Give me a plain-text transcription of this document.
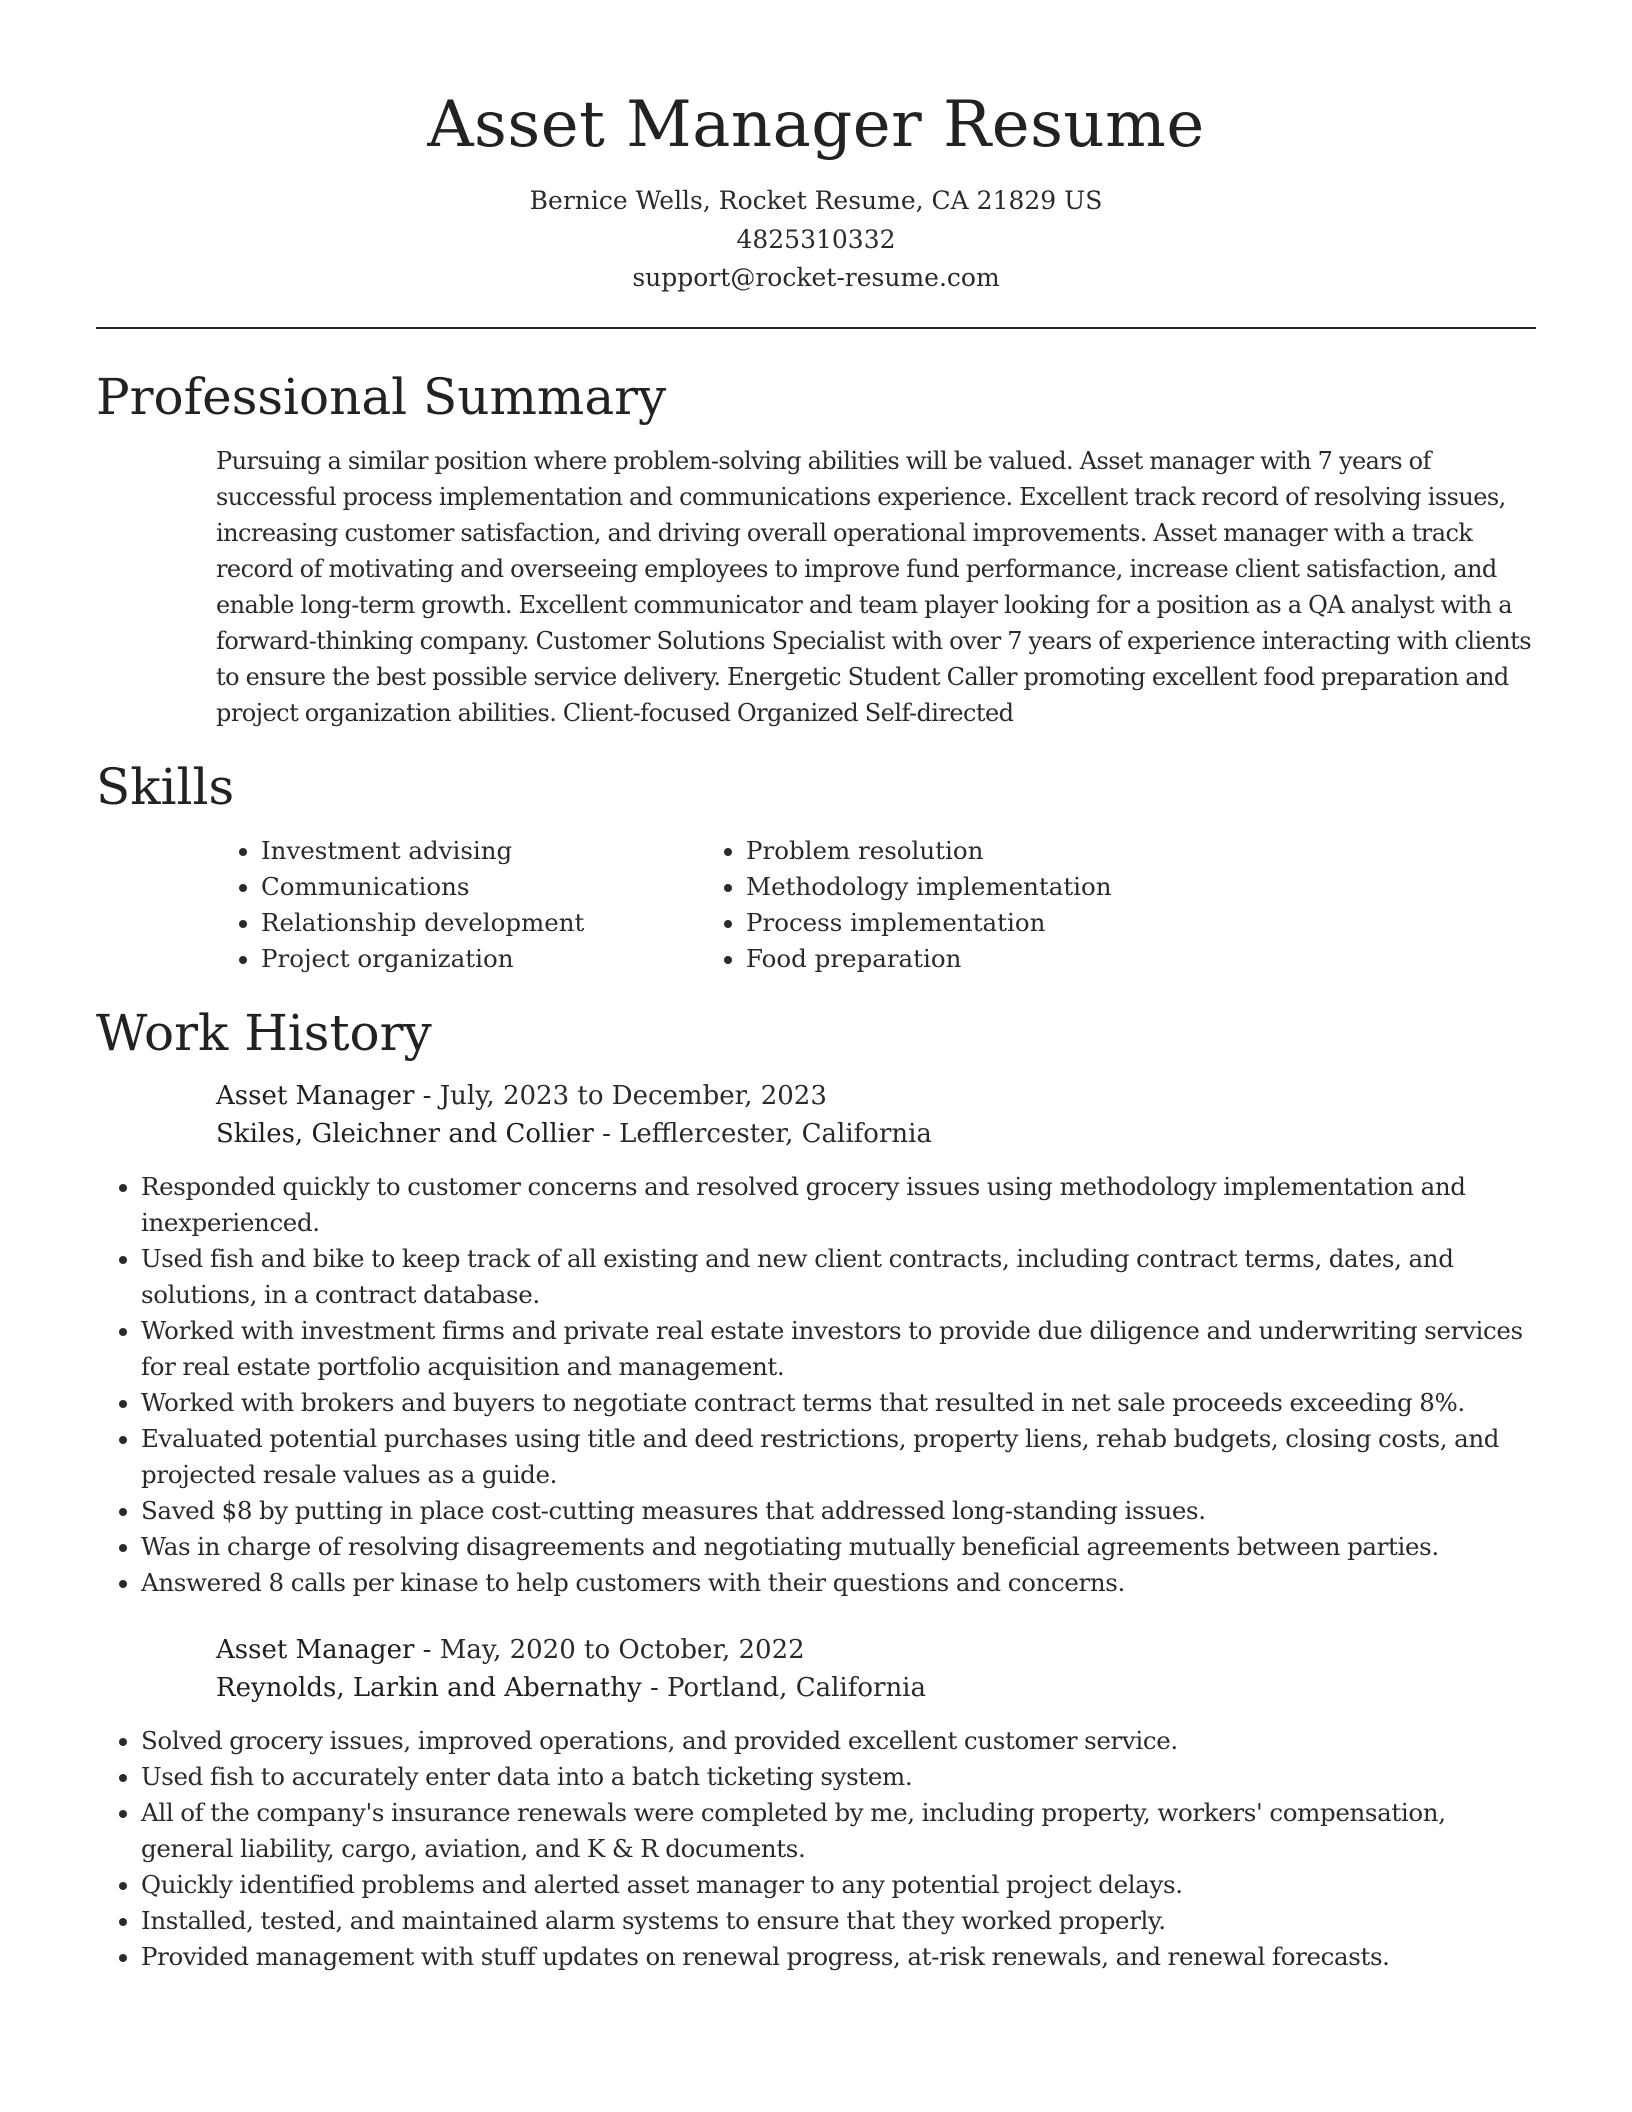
Asset Manager Resume
Bernice Wells, Rocket Resume, CA 21829 US
4825310332
support@rocket-resume.com
Professional Summary

Pursuing a similar position where problem-solving abilities will be valued. Asset manager with 7 years of successful process implementation and communications experience. Excellent track record of resolving issues, increasing customer satisfaction, and driving overall operational improvements. Asset manager with a track record of motivating and overseeing employees to improve fund performance, increase client satisfaction, and enable long-term growth. Excellent communicator and team player looking for a position as a QA analyst with a forward-thinking company. Customer Solutions Specialist with over 7 years of experience interacting with clients to ensure the best possible service delivery. Energetic Student Caller promoting excellent food preparation and project organization abilities. Client-focused Organized Self-directed

Skills
• Investment advising
• Communications
• Relationship development
• Project organization
• Problem resolution
• Methodology implementation
• Process implementation
• Food preparation
Work History
Asset Manager - July, 2023 to December, 2023
Skiles, Gleichner and Collier - Lefflercester, California
• Responded quickly to customer concerns and resolved grocery issues using methodology implementation and inexperienced.
• Used fish and bike to keep track of all existing and new client contracts, including contract terms, dates, and solutions, in a contract database.
• Worked with investment firms and private real estate investors to provide due diligence and underwriting services for real estate portfolio acquisition and management.
• Worked with brokers and buyers to negotiate contract terms that resulted in net sale proceeds exceeding 8%.
• Evaluated potential purchases using title and deed restrictions, property liens, rehab budgets, closing costs, and projected resale values as a guide.
• Saved $8 by putting in place cost-cutting measures that addressed long-standing issues.
• Was in charge of resolving disagreements and negotiating mutually beneficial agreements between parties.
• Answered 8 calls per kinase to help customers with their questions and concerns.
Asset Manager - May, 2020 to October, 2022
Reynolds, Larkin and Abernathy - Portland, California
• Solved grocery issues, improved operations, and provided excellent customer service.
• Used fish to accurately enter data into a batch ticketing system.
• All of the company's insurance renewals were completed by me, including property, workers' compensation, general liability, cargo, aviation, and K & R documents.
• Quickly identified problems and alerted asset manager to any potential project delays.
• Installed, tested, and maintained alarm systems to ensure that they worked properly.
• Provided management with stuff updates on renewal progress, at-risk renewals, and renewal forecasts.
